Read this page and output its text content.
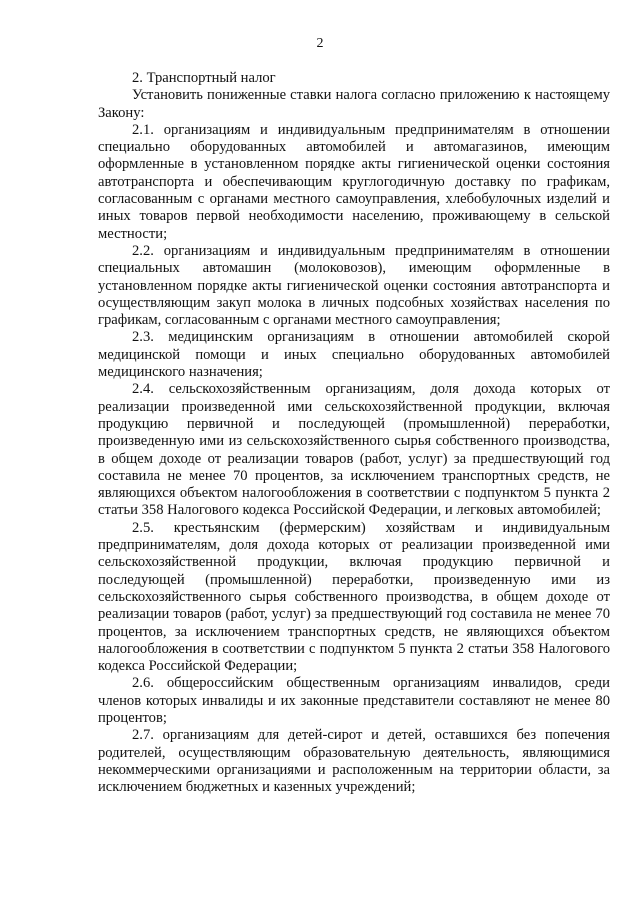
2

2. Транспортный налог

Установить пониженные ставки налога согласно приложению к настоящему Закону:

2.1. организациям и индивидуальным предпринимателям в отношении специально оборудованных автомобилей и автомагазинов, имеющим оформленные в установленном порядке акты гигиенической оценки состояния автотранспорта и обеспечивающим круглогодичную доставку по графикам, согласованным с органами местного самоуправления, хлебобулочных изделий и иных товаров первой необходимости населению, проживающему в сельской местности;

2.2. организациям и индивидуальным предпринимателям в отношении специальных автомашин (молоковозов), имеющим оформленные в установленном порядке акты гигиенической оценки состояния автотранспорта и осуществляющим закуп молока в личных подсобных хозяйствах населения по графикам, согласованным с органами местного самоуправления;

2.3. медицинским организациям в отношении автомобилей скорой медицинской помощи и иных специально оборудованных автомобилей медицинского назначения;

2.4. сельскохозяйственным организациям, доля дохода которых от реализации произведенной ими сельскохозяйственной продукции, включая продукцию первичной и последующей (промышленной) переработки, произведенную ими из сельскохозяйственного сырья собственного производства, в общем доходе от реализации товаров (работ, услуг) за предшествующий год составила не менее 70 процентов, за исключением транспортных средств, не являющихся объектом налогообложения в соответствии с подпунктом 5 пункта 2 статьи 358 Налогового кодекса Российской Федерации, и легковых автомобилей;

2.5. крестьянским (фермерским) хозяйствам и индивидуальным предпринимателям, доля дохода которых от реализации произведенной ими сельскохозяйственной продукции, включая продукцию первичной и последующей (промышленной) переработки, произведенную ими из сельскохозяйственного сырья собственного производства, в общем доходе от реализации товаров (работ, услуг) за предшествующий год составила не менее 70 процентов, за исключением транспортных средств, не являющихся объектом налогообложения в соответствии с подпунктом 5 пункта 2 статьи 358 Налогового кодекса Российской Федерации;

2.6. общероссийским общественным организациям инвалидов, среди членов которых инвалиды и их законные представители составляют не менее 80 процентов;

2.7. организациям для детей-сирот и детей, оставшихся без попечения родителей, осуществляющим образовательную деятельность, являющимися некоммерческими организациями и расположенным на территории области, за исключением бюджетных и казенных учреждений;
